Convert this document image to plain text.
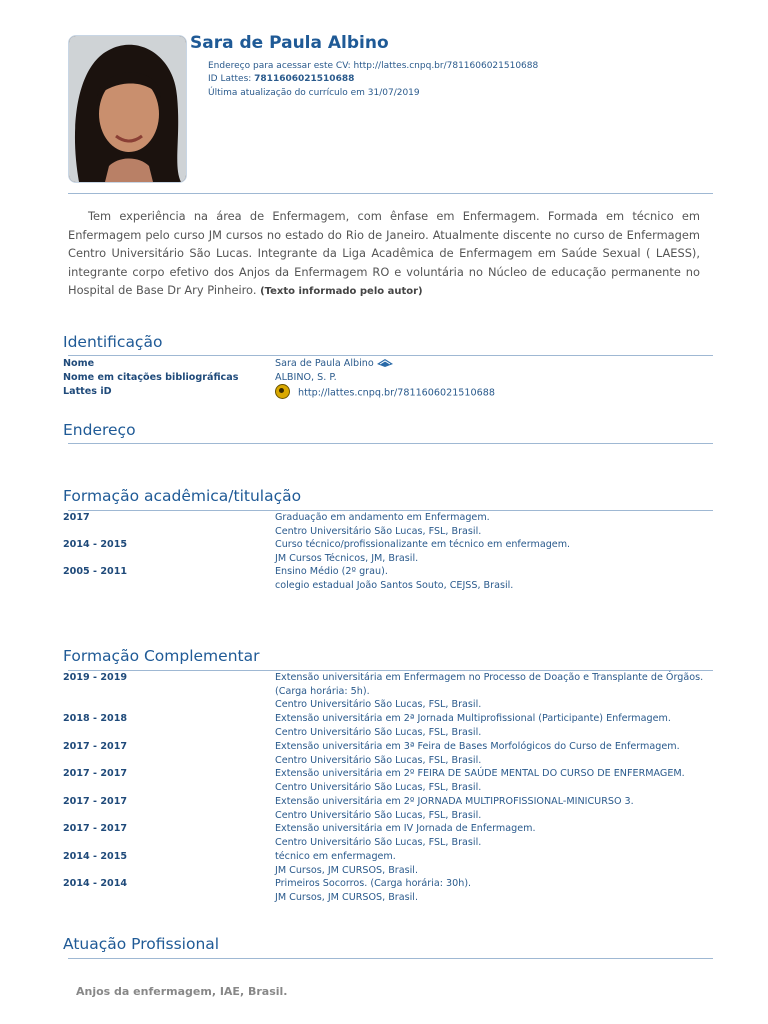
Sara de Paula Albino
Endereço para acessar este CV: http://lattes.cnpq.br/7811606021510688
ID Lattes: 7811606021510688
Última atualização do currículo em 31/07/2019
Tem experiência na área de Enfermagem, com ênfase em Enfermagem. Formada em técnico em Enfermagem pelo curso JM cursos no estado do Rio de Janeiro. Atualmente discente no curso de Enfermagem Centro Universitário São Lucas. Integrante da Liga Acadêmica de Enfermagem em Saúde Sexual ( LAESS), integrante corpo efetivo dos Anjos da Enfermagem RO e voluntária no Núcleo de educação permanente no Hospital de Base Dr Ary Pinheiro. (Texto informado pelo autor)
Identificação
Nome	Sara de Paula Albino
Nome em citações bibliográficas	ALBINO, S. P.
Lattes iD	http://lattes.cnpq.br/7811606021510688
Endereço
Formação acadêmica/titulação
2017	Graduação em andamento em Enfermagem.
Centro Universitário São Lucas, FSL, Brasil.
2014 - 2015	Curso técnico/profissionalizante em técnico em enfermagem.
JM Cursos Técnicos, JM, Brasil.
2005 - 2011	Ensino Médio (2º grau).
colegio estadual João Santos Souto, CEJSS, Brasil.
Formação Complementar
2019 - 2019	Extensão universitária em Enfermagem no Processo de Doação e Transplante de Órgãos.
(Carga horária: 5h).
Centro Universitário São Lucas, FSL, Brasil.
2018 - 2018	Extensão universitária em 2ª Jornada Multiprofissional (Participante) Enfermagem.
Centro Universitário São Lucas, FSL, Brasil.
2017 - 2017	Extensão universitária em 3ª Feira de Bases Morfológicos do Curso de Enfermagem.
Centro Universitário São Lucas, FSL, Brasil.
2017 - 2017	Extensão universitária em 2º FEIRA DE SAÚDE MENTAL DO CURSO DE ENFERMAGEM.
Centro Universitário São Lucas, FSL, Brasil.
2017 - 2017	Extensão universitária em 2º JORNADA MULTIPROFISSIONAL-MINICURSO 3.
Centro Universitário São Lucas, FSL, Brasil.
2017 - 2017	Extensão universitária em IV Jornada de Enfermagem.
Centro Universitário São Lucas, FSL, Brasil.
2014 - 2015	técnico em enfermagem.
JM Cursos, JM CURSOS, Brasil.
2014 - 2014	Primeiros Socorros. (Carga horária: 30h).
JM Cursos, JM CURSOS, Brasil.
Atuação Profissional
Anjos da enfermagem, IAE, Brasil.
